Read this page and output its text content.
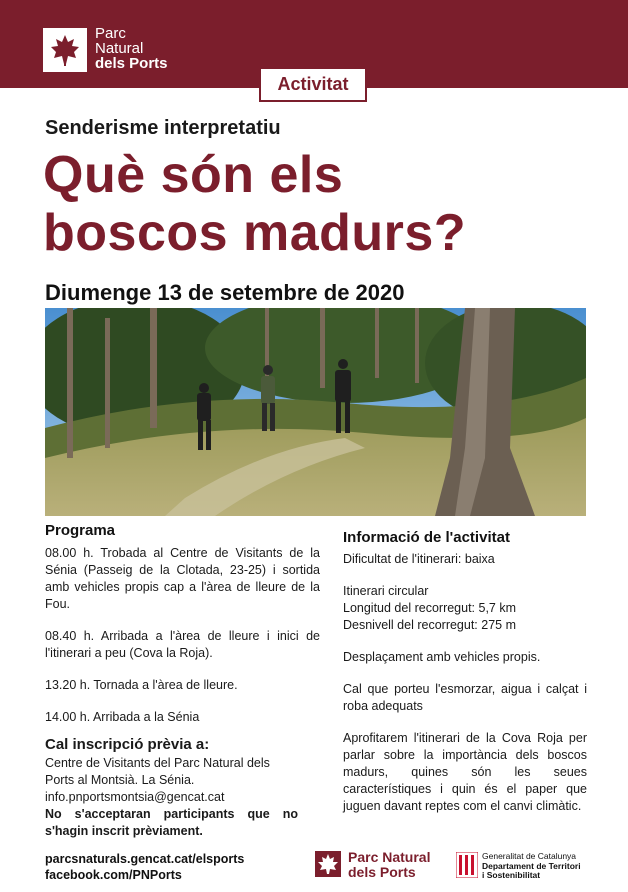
Parc
Natural
dels Ports
Activitat
Senderisme interpretatiu
Què són els
boscos madurs?
Diumenge 13 de setembre de 2020
Programa

08.00 h. Trobada al Centre de Visitants de la Sénia (Passeig de la Clotada, 23-25) i sortida amb vehicles propis cap a l'àrea de lleure de la Fou.

08.40 h. Arribada a l'àrea de lleure i inici de l'itinerari a peu (Cova la Roja).

13.20 h. Tornada a l'àrea de lleure.

14.00 h. Arribada a la Sénia

Cal inscripció prèvia a:
Centre de Visitants del Parc Natural dels Ports al Montsià. La Sénia.
info.pnportsmontsia@gencat.cat
No s'acceptaran participants que no s'hagin inscrit prèviament.
Informació de l'activitat

Dificultat de l'itinerari: baixa

Itinerari circular

Longitud del recorregut: 5,7 km

Desnivell del recorregut: 275 m

Desplaçament amb vehicles propis.

Cal que porteu l'esmorzar, aigua i calçat i roba adequats

Aprofitarem l'itinerari de la Cova Roja per parlar sobre la importància dels boscos madurs, quines són les seues característiques i quin és el paper que juguen davant reptes com el canvi climàtic.

parcsnaturals.gencat.cat/elsports
facebook.com/PNPorts
Parc Natural
dels Ports
Generalitat de Catalunya
Departament de Territori
i Sostenibilitat
